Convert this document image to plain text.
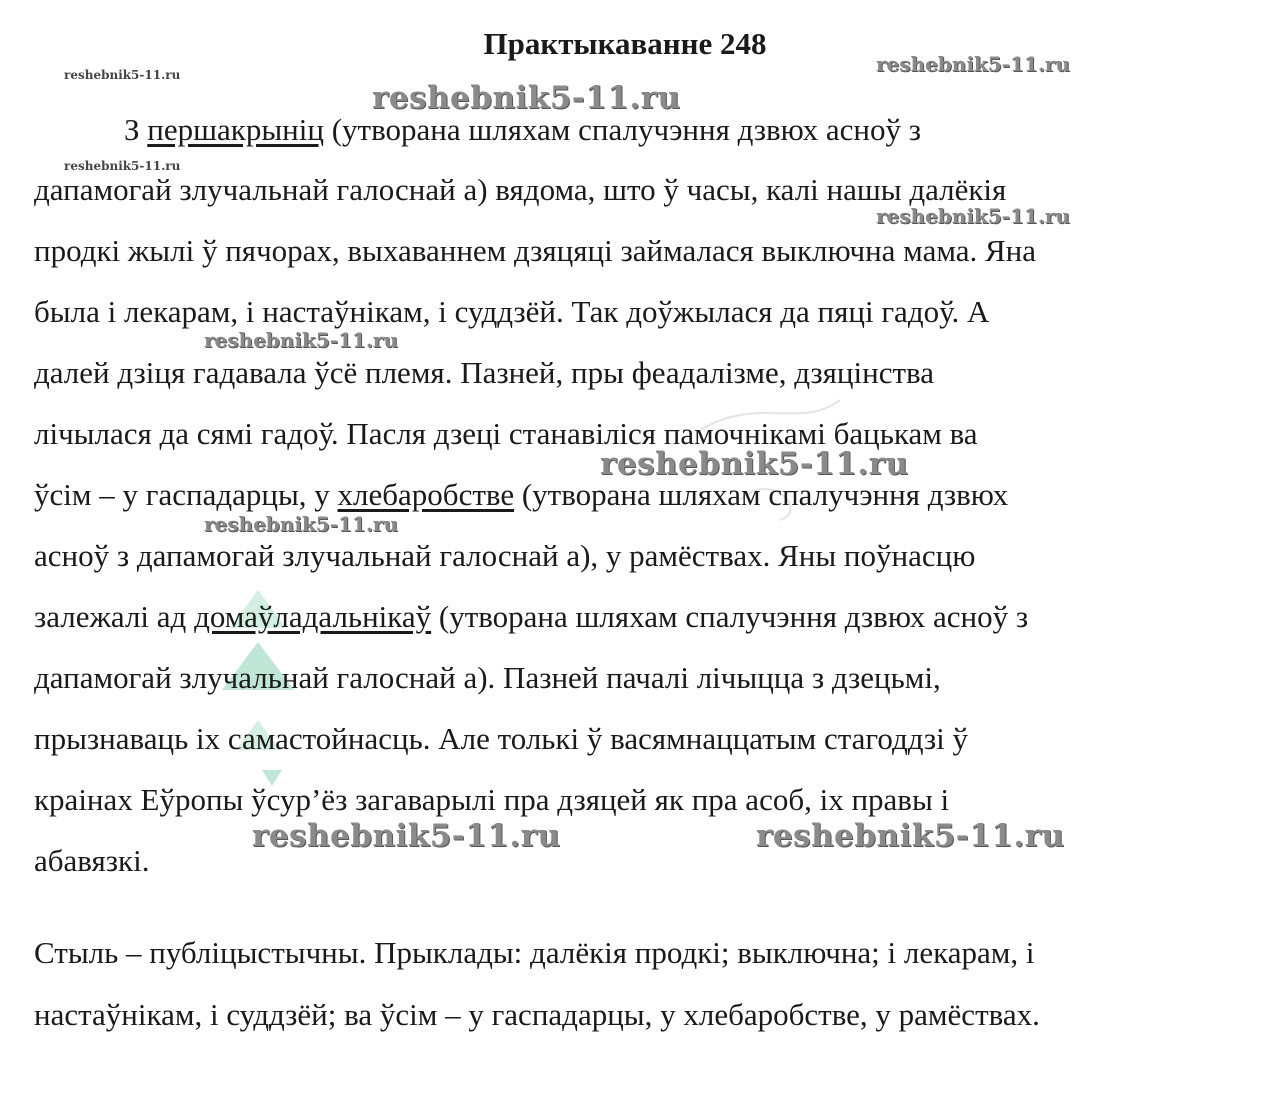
Практыкаванне 248
reshebnik5-11.ru	reshebnik5-11.ru
reshebnik5-11.ru
reshebnik5-11.ru
reshebnik5-11.ru
reshebnik5-11.ru
reshebnik5-11.ru
reshebnik5-11.ru
reshebnik5-11.ru	reshebnik5-11.ru
З першакрыніц (утворана шляхам спалучэння дзвюх асноў з
дапамогай злучальнай галоснай а) вядома, што ў часы, калі нашы далёкія
продкі жылі ў пячорах, выхаваннем дзяцяці займалася выключна мама. Яна
была і лекарам, і настаўнікам, і суддзёй. Так доўжылася да пяці гадоў. А
далей дзіця гадавала ўсё племя. Пазней, пры феадалізме, дзяцінства
лічылася да сямі гадоў. Пасля дзеці станавіліся памочнікамі бацькам ва
ўсім – у гаспадарцы, у хлебаробстве (утворана шляхам спалучэння дзвюх
асноў з дапамогай злучальнай галоснай а), у рамёствах. Яны поўнасцю
залежалі ад домаўладальнікаў (утворана шляхам спалучэння дзвюх асноў з
дапамогай злучальнай галоснай а). Пазней пачалі лічыцца з дзецьмі,
прызнаваць іх самастойнасць. Але толькі ў васямнаццатым стагоддзі ў
краінах Еўропы ўсур’ёз загаварылі пра дзяцей як пра асоб, іх правы і
абавязкі.
Стыль – публіцыстычны. Прыклады: далёкія продкі; выключна; і лекарам, і
настаўнікам, і суддзёй; ва ўсім – у гаспадарцы, у хлебаробстве, у рамёствах.
